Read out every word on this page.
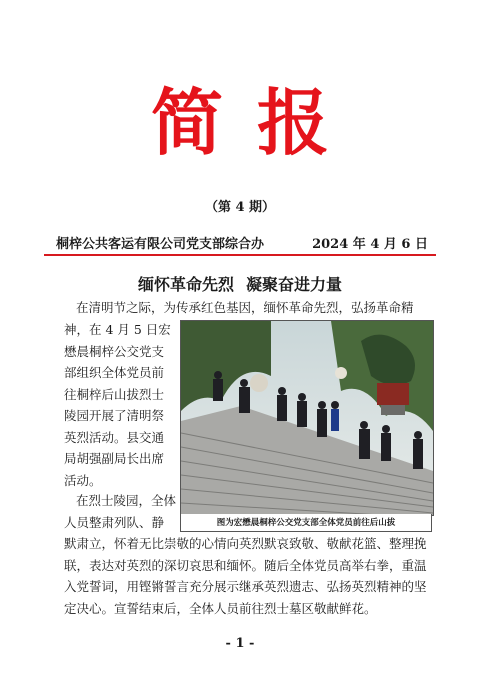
简报
（第 4 期）
桐梓公共客运有限公司党支部综合办	2024 年 4 月 6 日
缅怀革命先烈 凝聚奋进力量

在清明节之际，为传承红色基因，缅怀革命先烈，弘扬革命精

神，在 4 月 5 日宏懋晨桐梓公交党支部组织全体党员前往桐梓后山拔烈士陵园开展了清明祭英烈活动。县交通局胡强副局长出席活动。

图为宏懋晨桐梓公交党支部全体党员前往后山拔

在烈士陵园，全体人员整肃列队、静

默肃立，怀着无比崇敬的心情向英烈默哀致敬、敬献花篮、整理挽联，表达对英烈的深切哀思和缅怀。随后全体党员高举右拳，重温入党誓词，用铿锵誓言充分展示继承英烈遗志、弘扬英烈精神的坚定决心。宣誓结束后，全体人员前往烈士墓区敬献鲜花。

- 1 -
